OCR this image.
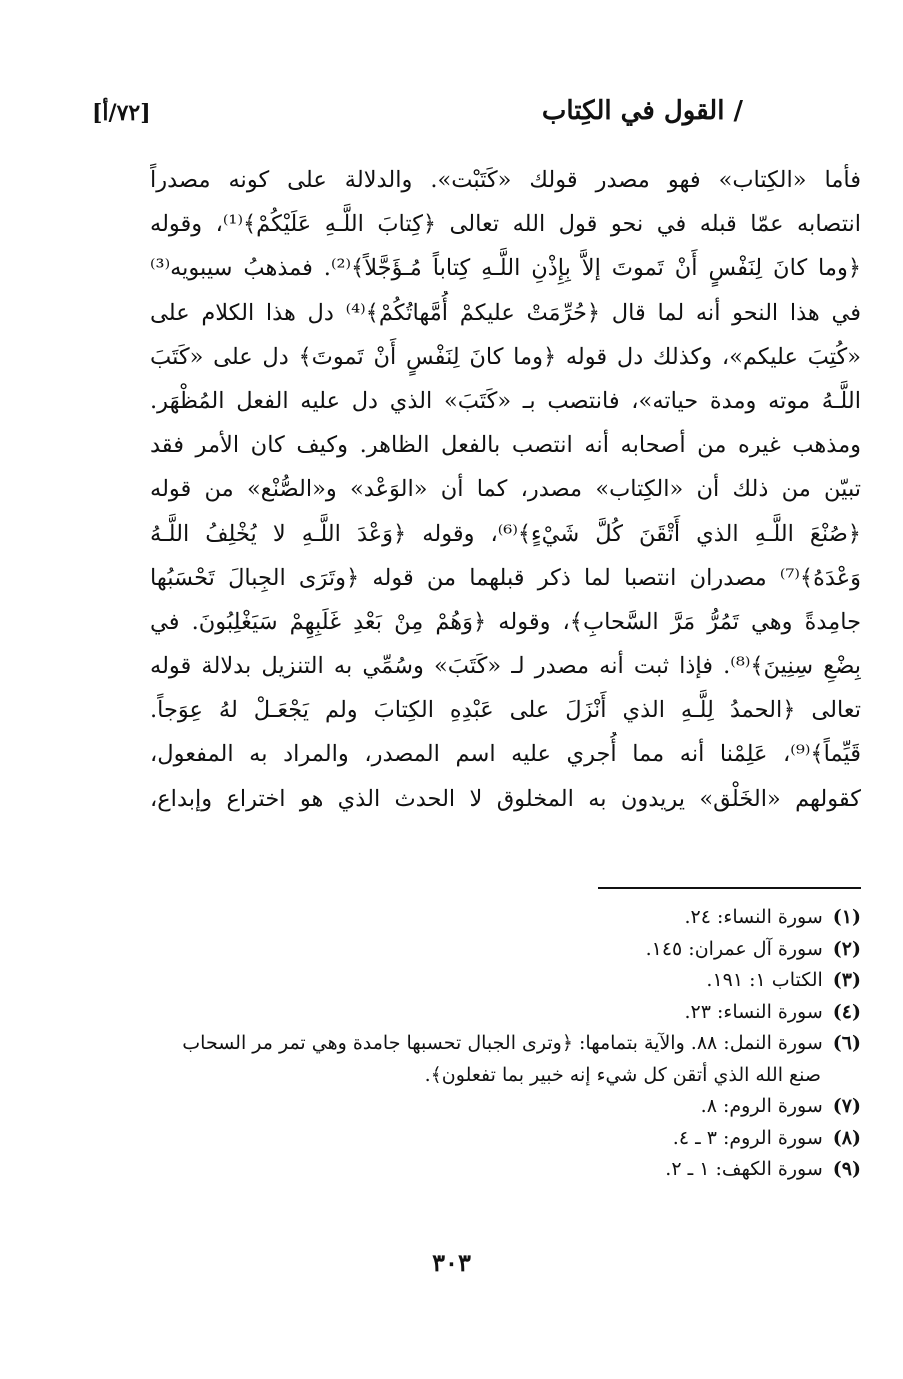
/ القول في الكِتاب
[٧٢/أ]
فأما «الكِتاب» فهو مصدر قولك «كَتَبْت». والدلالة على كونه مصدراً
انتصابه عمّا قبله في نحو قول الله تعالى ﴿كِتابَ اللَّـهِ عَلَيْكُمْ﴾⁽¹⁾، وقوله
﴿وما كانَ لِنَفْسٍ أَنْ تَموتَ إلاَّ بِإِذْنِ اللَّـهِ كِتاباً مُـؤَجَّلاً﴾⁽²⁾. فمذهبُ سيبويه⁽³⁾
في هذا النحو أنه لما قال ﴿حُرِّمَتْ عليكمْ أُمَّهاتُكُمْ﴾⁽⁴⁾ دل هذا الكلام على
«كُتِبَ عليكم»، وكذلك دل قوله ﴿وما كانَ لِنَفْسٍ أَنْ تَموتَ﴾ دل على «كَتَبَ
اللَّـهُ موته ومدة حياته»، فانتصب بـ «كَتَبَ» الذي دل عليه الفعل المُظْهَر.
ومذهب غيره من أصحابه أنه انتصب بالفعل الظاهر. وكيف كان الأمر فقد
تبيّن من ذلك أن «الكِتاب» مصدر، كما أن «الوَعْد» و«الصُّنْع» من قوله
﴿صُنْعَ اللَّـهِ الذي أَتْقَنَ كُلَّ شَيْءٍ﴾⁽⁶⁾، وقوله ﴿وَعْدَ اللَّـهِ لا يُخْلِفُ اللَّـهُ
وَعْدَهُ﴾⁽⁷⁾ مصدران انتصبا لما ذكر قبلهما من قوله ﴿وتَرَى الجِبالَ تَحْسَبُها
جامِدةً وهي تَمُرُّ مَرَّ السَّحابِ﴾، وقوله ﴿وَهُمْ مِنْ بَعْدِ غَلَبِهِمْ سَيَغْلِبُونَ. في
بِضْعِ سِنِينَ﴾⁽⁸⁾. فإذا ثبت أنه مصدر لـ «كَتَبَ» وسُمِّي به التنزيل بدلالة قوله
تعالى ﴿الحمدُ لِلَّـهِ الذي أَنْزَلَ على عَبْدِهِ الكِتابَ ولم يَجْعَـلْ لهُ عِوَجاً.
قَيِّماً﴾⁽⁹⁾، عَلِمْنا أنه مما أُجري عليه اسم المصدر، والمراد به المفعول،
كقولهم «الخَلْق» يريدون به المخلوق لا الحدث الذي هو اختراع وإبداع،
(١)سورة النساء: ٢٤.
(٢)سورة آل عمران: ١٤٥.
(٣)الكتاب ١: ١٩١.
(٤)سورة النساء: ٢٣.
(٦)سورة النمل: ٨٨. والآية بتمامها: ﴿وترى الجبال تحسبها جامدة وهي تمر مر السحاب
صنع الله الذي أتقن كل شيء إنه خبير بما تفعلون﴾.
(٧)سورة الروم: ٨.
(٨)سورة الروم: ٣ ـ ٤.
(٩)سورة الكهف: ١ ـ ٢.
٣٠٣
